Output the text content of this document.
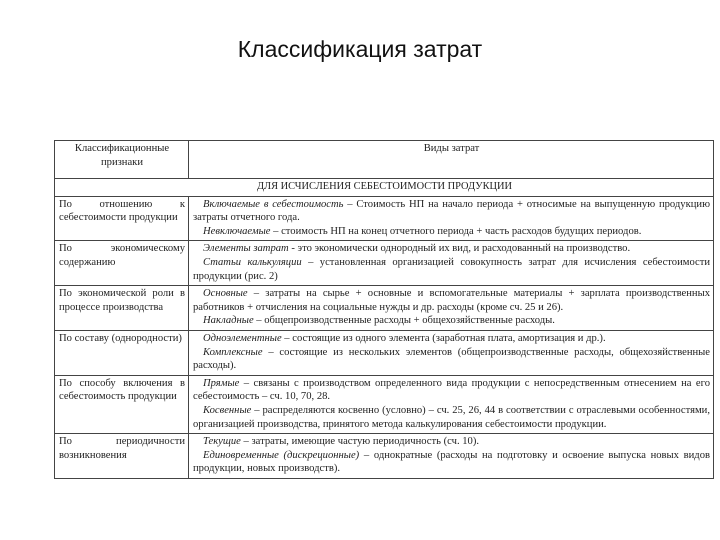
Классификация затрат
Классификационные признаки	Виды затрат
ДЛЯ ИСЧИСЛЕНИЯ СЕБЕСТОИМОСТИ ПРОДУКЦИИ	
По отношению к себестоимости продукции	Включаемые в себестоимость – Стоимость НП на начало периода + относимые на выпущенную продукцию затраты отчетного года.

Невключаемые – стоимость НП на конец отчетного периода + часть расходов будущих периодов.

По экономическому содержанию	Элементы затрат - это экономически однородный их вид, и расходованный на производство.

Статьи калькуляции – установленная организацией совокупность затрат для исчисления себестоимости продукции (рис. 2)

По экономической роли в процессе производства	Основные – затраты на сырье + основные и вспомогательные материалы + зарплата производственных работников + отчисления на социальные нужды и др. расходы (кроме сч. 25 и 26).

Накладные – общепроизводственные расходы + общехозяйственные расходы.

По составу (однородности)	Одноэлементные – состоящие из одного элемента (заработная плата, амортизация и др.).

Комплексные – состоящие из нескольких элементов (общепроизводственные расходы, общехозяйственные расходы).

По способу включения в себестоимость продукции	Прямые – связаны с производством определенного вида продукции с непосредственным отнесением на его себестоимость – сч. 10, 70, 28.

Косвенные – распределяются косвенно (условно) – сч. 25, 26, 44 в соответствии с отраслевыми особенностями, организацией производства, принятого метода калькулирования себестоимости продукции.

По периодичности возникновения	Текущие – затраты, имеющие частую периодичность (сч. 10).

Единовременные (дискреционные) – однократные (расходы на подготовку и освоение выпуска новых видов продукции, новых производств).
